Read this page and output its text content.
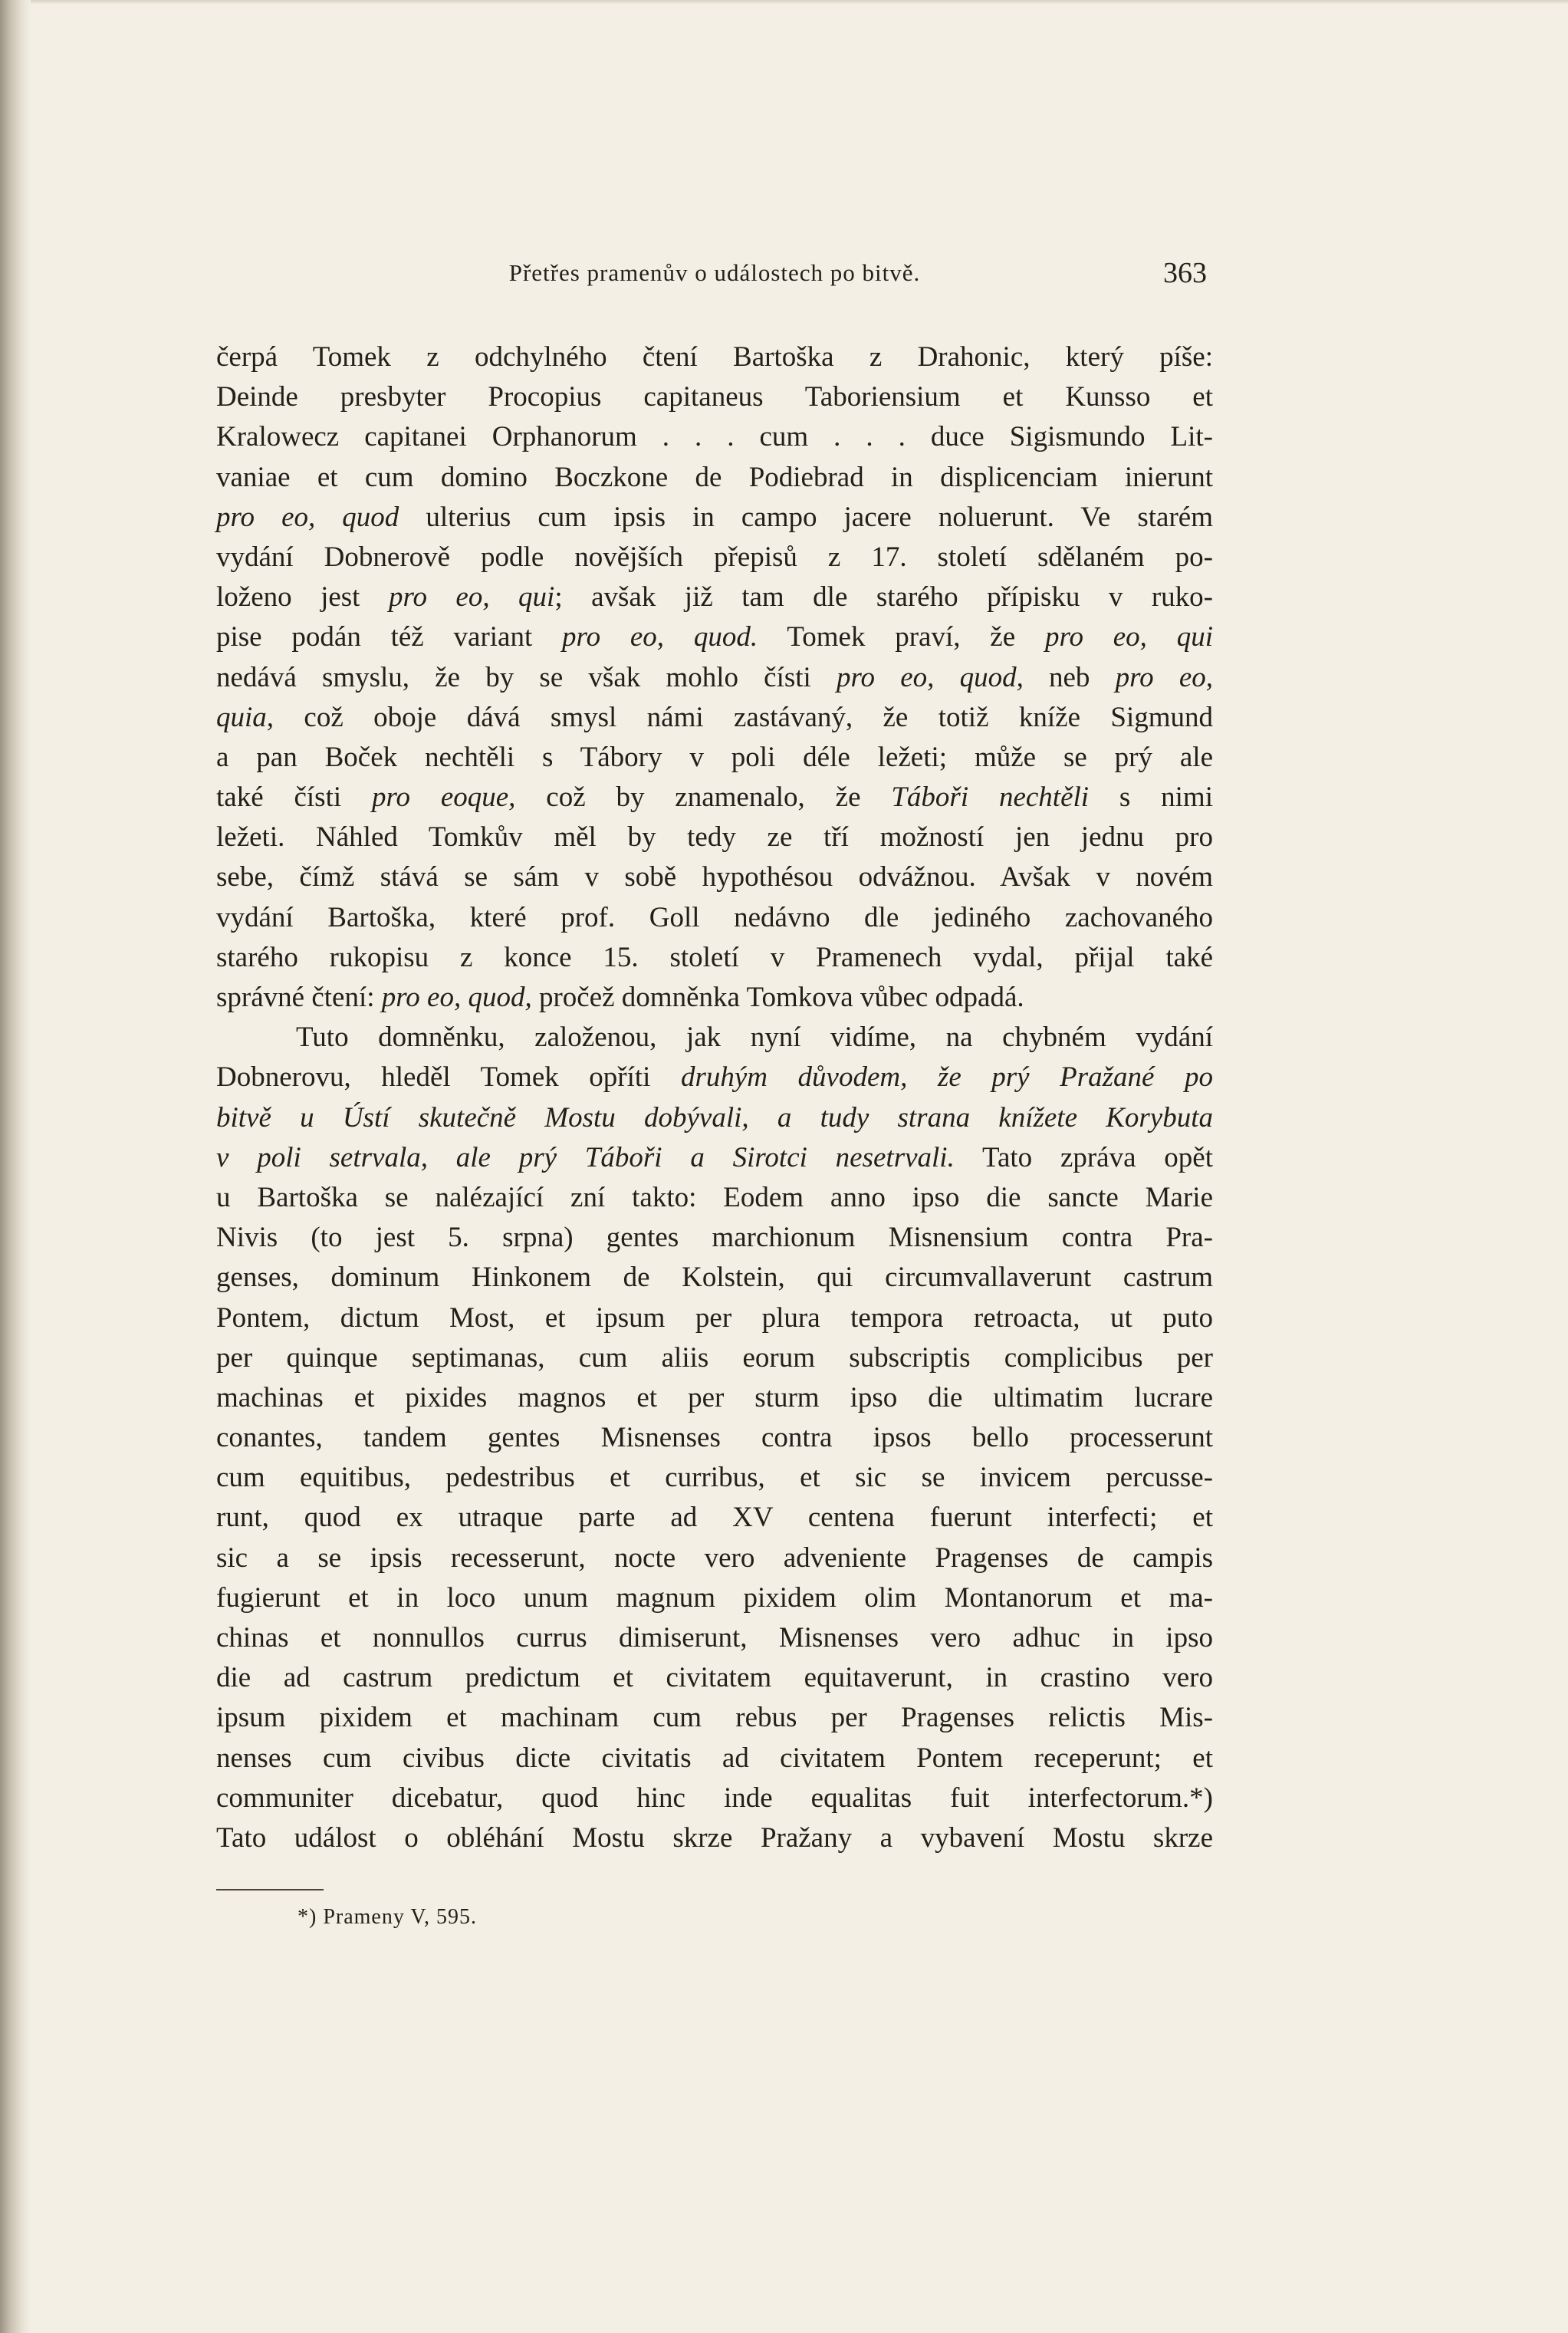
Přetřes pramenův o událostech po bitvě.	363
čerpá Tomek z odchylného čtení Bartoška z Drahonic, který píše:
Deinde presbyter Procopius capitaneus Taboriensium et Kunsso et
Kralowecz capitanei Orphanorum . . . cum . . . duce Sigismundo Lit-
vaniae et cum domino Boczkone de Podiebrad in displicenciam inierunt
pro eo, quod ulterius cum ipsis in campo jacere noluerunt. Ve starém
vydání Dobnerově podle novějších přepisů z 17. století sdělaném po-
loženo jest pro eo, qui; avšak již tam dle starého přípisku v ruko-
pise podán též variant pro eo, quod. Tomek praví, že pro eo, qui
nedává smyslu, že by se však mohlo čísti pro eo, quod, neb pro eo,
quia, což oboje dává smysl námi zastávaný, že totiž kníže Sigmund
a pan Boček nechtěli s Tábory v poli déle ležeti; může se prý ale
také čísti pro eoque, což by znamenalo, že Táboři nechtěli s nimi
ležeti. Náhled Tomkův měl by tedy ze tří možností jen jednu pro
sebe, čímž stává se sám v sobě hypothésou odvážnou. Avšak v novém
vydání Bartoška, které prof. Goll nedávno dle jediného zachovaného
starého rukopisu z konce 15. století v Pramenech vydal, přijal také
správné čtení: pro eo, quod, pročež domněnka Tomkova vůbec odpadá.
Tuto domněnku, založenou, jak nyní vidíme, na chybném vydání
Dobnerovu, hleděl Tomek opříti druhým důvodem, že prý Pražané po
bitvě u Ústí skutečně Mostu dobývali, a tudy strana knížete Korybuta
v poli setrvala, ale prý Táboři a Sirotci nesetrvali. Tato zpráva opět
u Bartoška se nalézající zní takto: Eodem anno ipso die sancte Marie
Nivis (to jest 5. srpna) gentes marchionum Misnensium contra Pra-
genses, dominum Hinkonem de Kolstein, qui circumvallaverunt castrum
Pontem, dictum Most, et ipsum per plura tempora retroacta, ut puto
per quinque septimanas, cum aliis eorum subscriptis complicibus per
machinas et pixides magnos et per sturm ipso die ultimatim lucrare
conantes, tandem gentes Misnenses contra ipsos bello processerunt
cum equitibus, pedestribus et curribus, et sic se invicem percusse-
runt, quod ex utraque parte ad XV centena fuerunt interfecti; et
sic a se ipsis recesserunt, nocte vero adveniente Pragenses de campis
fugierunt et in loco unum magnum pixidem olim Montanorum et ma-
chinas et nonnullos currus dimiserunt, Misnenses vero adhuc in ipso
die ad castrum predictum et civitatem equitaverunt, in crastino vero
ipsum pixidem et machinam cum rebus per Pragenses relictis Mis-
nenses cum civibus dicte civitatis ad civitatem Pontem receperunt; et
communiter dicebatur, quod hinc inde equalitas fuit interfectorum.*)
Tato událost o obléhání Mostu skrze Pražany a vybavení Mostu skrze
*) Prameny V, 595.
